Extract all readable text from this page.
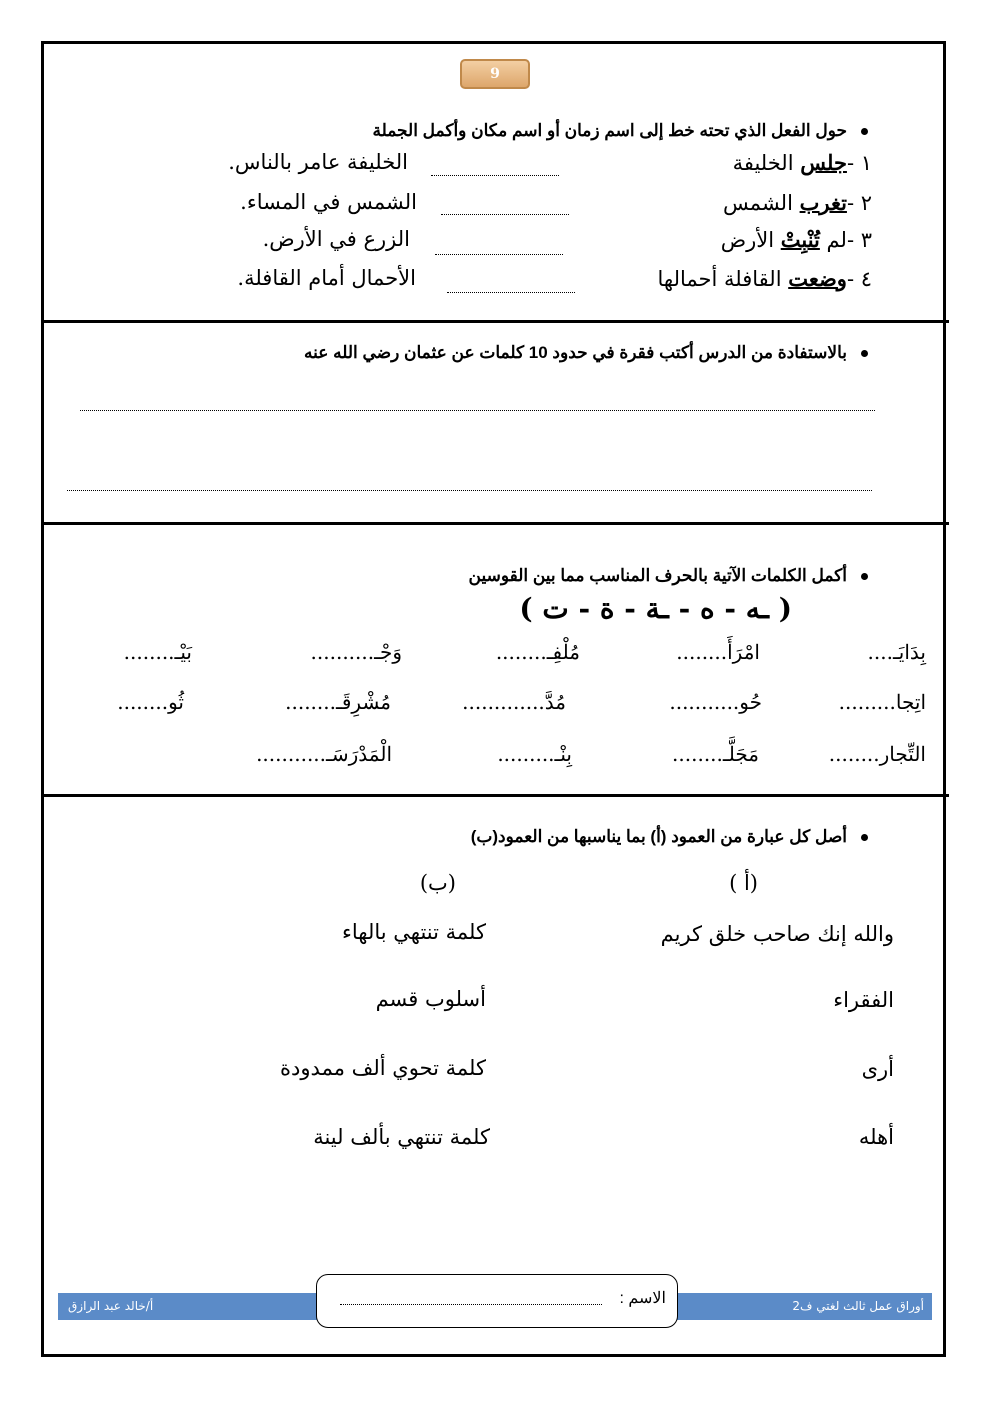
9
حول الفعل الذي تحته خط إلى اسم زمان أو اسم مكان وأكمل الجملة
١ -جلس الخليفة
الخليفة عامر بالناس.
٢ -تغرب الشمس
الشمس في المساء.
٣ -لم تُنْبِتْ الأرض
الزرع في الأرض.
٤ -وضعت القافلة أحمالها
الأحمال أمام القافلة.
بالاستفادة من الدرس أكتب فقرة في حدود 10 كلمات عن عثمان رضي الله عنه
أكمل الكلمات الآتية بالحرف المناسب مما بين القوسين
( ـه - ه - ـة - ة - ت )
بِدَايَـ....
امْرَأَ........
مُلْفِـ........
وَجْـ..........
بَيْـ........
اتِجا.........
حُو...........
مُدَّ.............
مُشْرِقَـ........
ثُو........
التِّجار........
مَجَلَّـ........
بِنْـ.........
الْمَدْرَسَـ...........
أصل كل عبارة من العمود (أ) بما يناسبها من العمود(ب)
(أ )
(ب)
والله إنك صاحب خلق كريم
الفقراء
أرى
أهله
كلمة تنتهي بالهاء
أسلوب قسم
كلمة تحوي ألف ممدودة
كلمة تنتهي بألف لينة
أ/خالد عبد الرازق	أوراق عمل ثالث لغتي ف2
الاسم :
